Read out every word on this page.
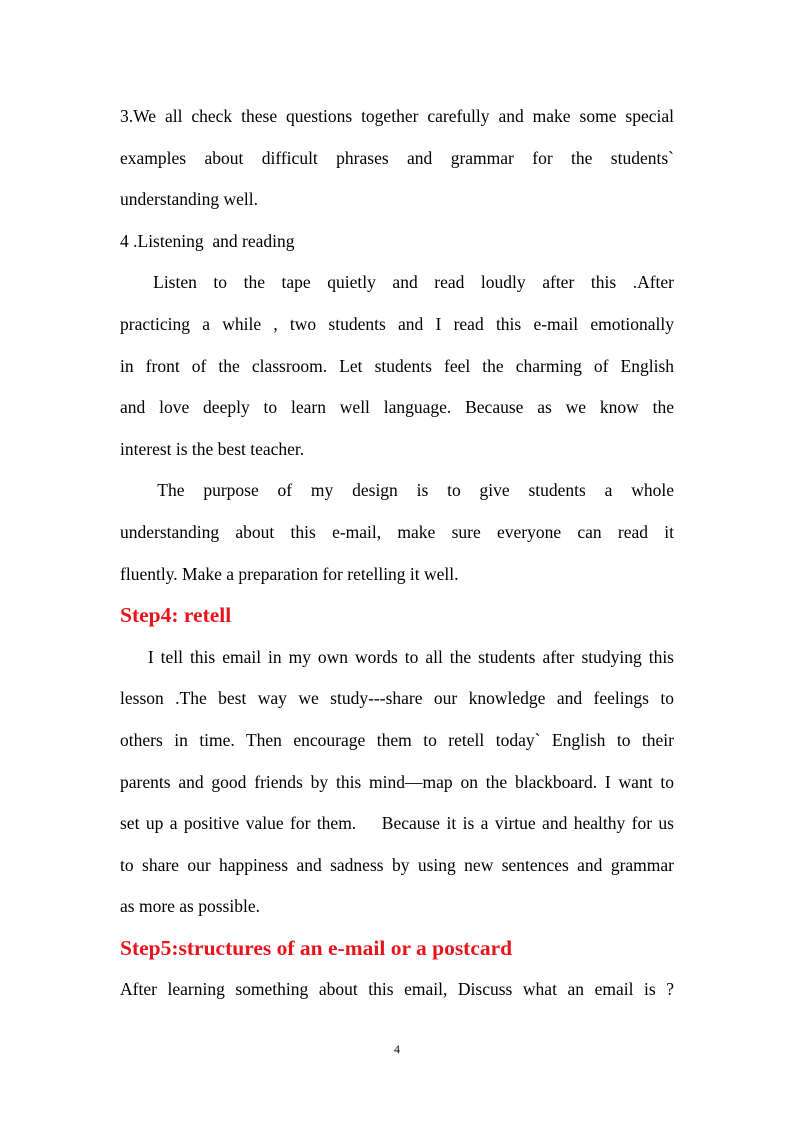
3.We all check these questions together carefully and make some special
examples about difficult phrases and grammar for the students`
understanding well.

4 .Listening  and reading

Listen to the tape quietly and read loudly after this .After
practicing a while , two students and I read this e-mail emotionally
in front of the classroom. Let students feel the charming of English
and love deeply to learn well language. Because as we know the
interest is the best teacher.

The purpose of my design is to give students a whole
understanding about this e-mail, make sure everyone can read it
fluently. Make a preparation for retelling it well.

Step4: retell

I tell this email in my own words to all the students after studying this
lesson .The best way we study---share our knowledge and feelings to
others in time. Then encourage them to retell today` English to their
parents and good friends by this mind—map on the blackboard. I want to
set up a positive value for them.    Because it is a virtue and healthy for us
to share our happiness and sadness by using new sentences and grammar
as more as possible.

Step5:structures of an e-mail or a postcard

After learning something about this email, Discuss what an email is ?

4
